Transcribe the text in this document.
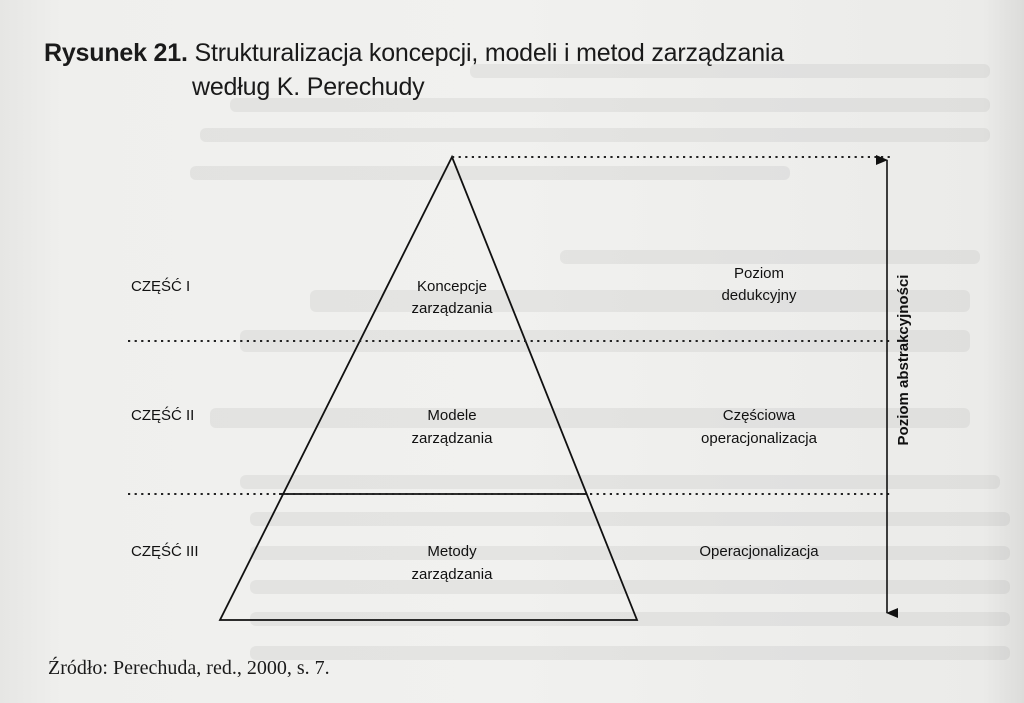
Rysunek 21. Strukturalizacja koncepcji, modeli i metod zarządzania
według K. Perechudy
Poziom abstrakcyjności
CZĘŚĆ I
CZĘŚĆ II
CZĘŚĆ III
Koncepcje
zarządzania
Modele
zarządzania
Metody
zarządzania
Poziom
dedukcyjny
Częściowa
operacjonalizacja
Operacjonalizacja
Źródło: Perechuda, red., 2000, s. 7.
